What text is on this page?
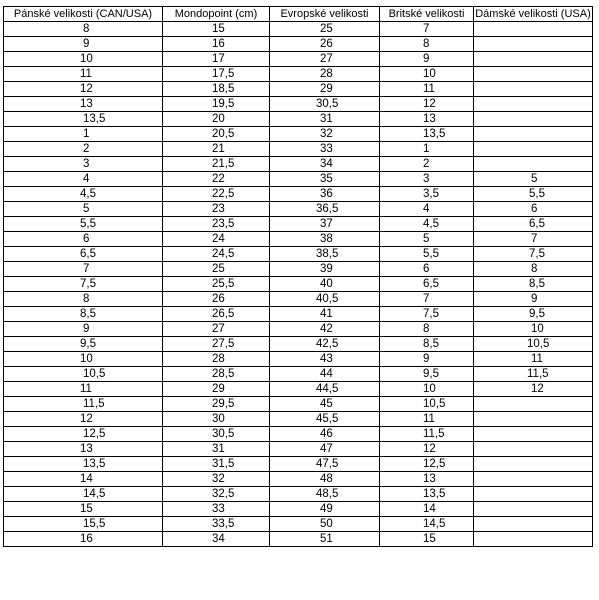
Pánské velikosti (CAN/USA)	Mondopoint (cm)	Evropské velikosti	Britské velikosti	Dámské velikosti (USA)
8	15	25	7	
9	16	26	8	
10	17	27	9	
11	17,5	28	10	
12	18,5	29	11	
13	19,5	30,5	12	
13,5	20	31	13	
1	20,5	32	13,5	
2	21	33	1	
3	21,5	34	2	
4	22	35	3	5
4,5	22,5	36	3,5	5,5
5	23	36,5	4	6
5,5	23,5	37	4,5	6,5
6	24	38	5	7
6,5	24,5	38,5	5,5	7,5
7	25	39	6	8
7,5	25,5	40	6,5	8,5
8	26	40,5	7	9
8,5	26,5	41	7,5	9,5
9	27	42	8	10
9,5	27,5	42,5	8,5	10,5
10	28	43	9	11
10,5	28,5	44	9,5	11,5
11	29	44,5	10	12
11,5	29,5	45	10,5	
12	30	45,5	11	
12,5	30,5	46	11,5	
13	31	47	12	
13,5	31,5	47,5	12,5	
14	32	48	13	
14,5	32,5	48,5	13,5	
15	33	49	14	
15,5	33,5	50	14,5	
16	34	51	15	
